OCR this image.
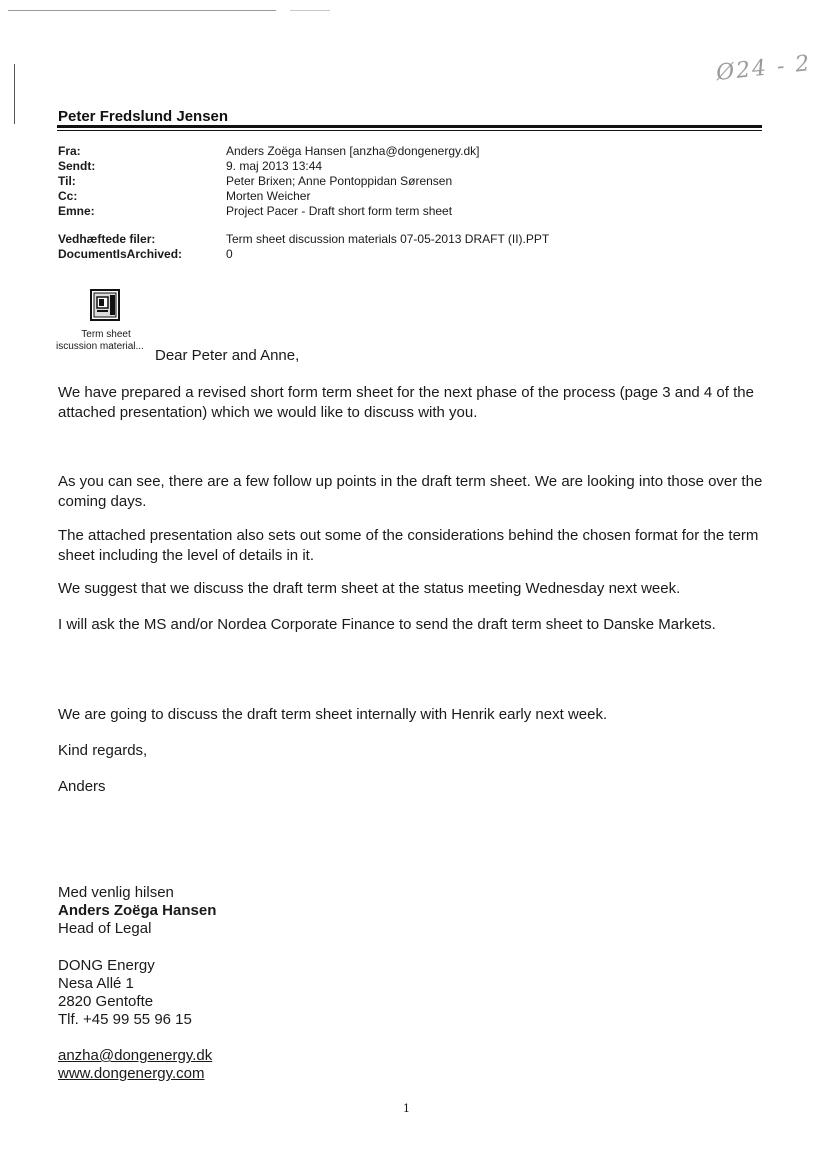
Ø24 - 2
Peter Fredslund Jensen
Fra:	Anders Zoëga Hansen [anzha@dongenergy.dk]
Sendt:	9. maj 2013 13:44
Til:	Peter Brixen; Anne Pontoppidan Sørensen
Cc:	Morten Weicher
Emne:	Project Pacer - Draft short form term sheet
Vedhæftede filer:	Term sheet discussion materials 07-05-2013 DRAFT (II).PPT
DocumentIsArchived:	0
Term sheet
iscussion material...
Dear Peter and Anne,
We have prepared a revised short form term sheet for the next phase of the process (page 3 and 4 of the attached presentation) which we would like to discuss with you.
As you can see, there are a few follow up points in the draft term sheet. We are looking into those over the coming days.
The attached presentation also sets out some of the considerations behind the chosen format for the term sheet including the level of details in it.
We suggest that we discuss the draft term sheet at the status meeting Wednesday next week.
I will ask the MS and/or Nordea Corporate Finance to send the draft term sheet to Danske Markets.
We are going to discuss the draft term sheet internally with Henrik early next week.
Kind regards,
Anders
Med venlig hilsen
Anders Zoëga Hansen
Head of Legal
DONG Energy
Nesa Allé 1
2820 Gentofte
Tlf. +45 99 55 96 15
anzha@dongenergy.dk
www.dongenergy.com
1
